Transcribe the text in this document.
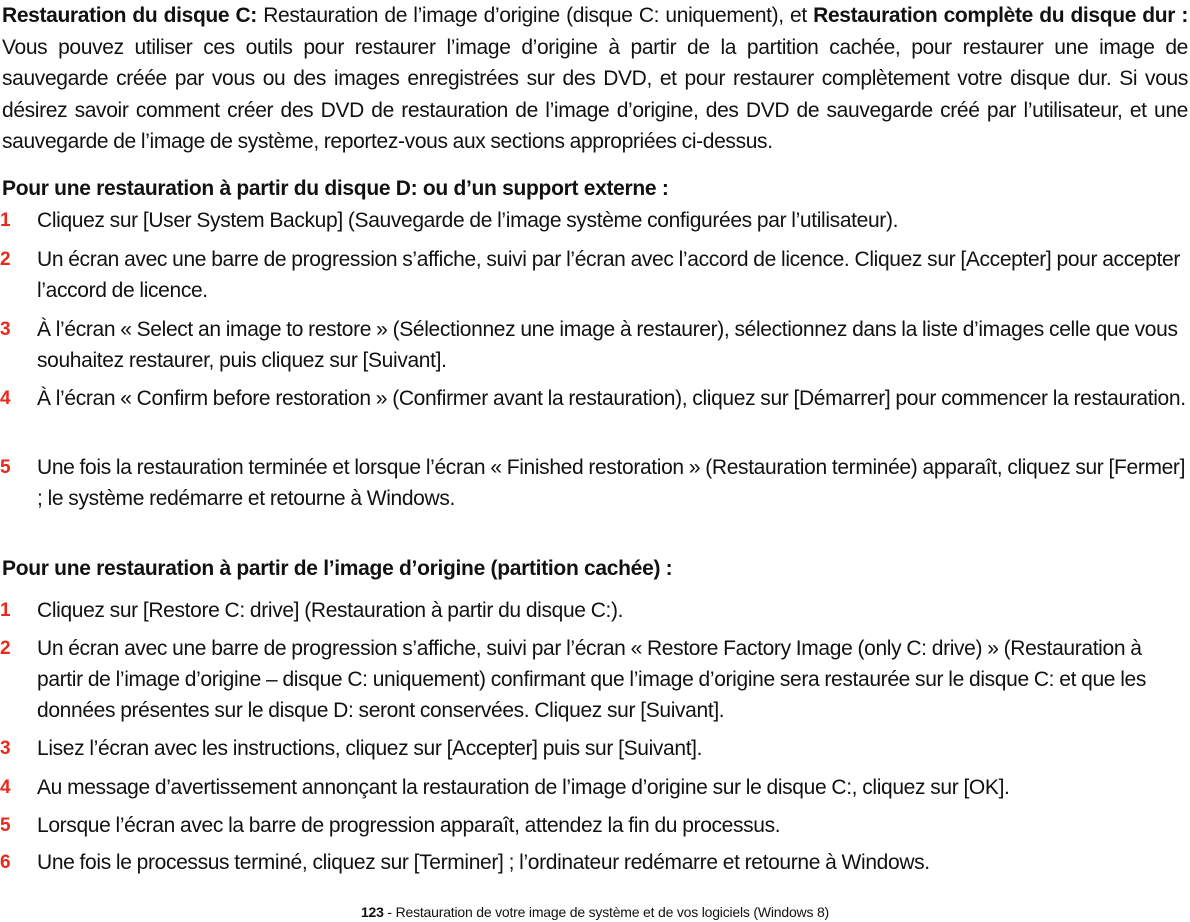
Restauration du disque C: Restauration de l’image d’origine (disque C: uniquement), et Restauration complète du disque dur : Vous pouvez utiliser ces outils pour restaurer l’image d’origine à partir de la partition cachée, pour restaurer une image de sauvegarde créée par vous ou des images enregistrées sur des DVD, et pour restaurer complètement votre disque dur. Si vous désirez savoir comment créer des DVD de restauration de l’image d’origine, des DVD de sauvegarde créé par l’utilisateur, et une sauvegarde de l’image de système, reportez-vous aux sections appropriées ci-dessus.

Pour une restauration à partir du disque D: ou d’un support externe :

1	Cliquez sur [User System Backup] (Sauvegarde de l’image système configurées par l’utilisateur).
2	Un écran avec une barre de progression s’affiche, suivi par l’écran avec l’accord de licence. Cliquez sur [Accepter] pour accepter l’accord de licence.
3	À l’écran « Select an image to restore » (Sélectionnez une image à restaurer), sélectionnez dans la liste d’images celle que vous souhaitez restaurer, puis cliquez sur [Suivant].
4	À l’écran « Confirm before restoration » (Confirmer avant la restauration), cliquez sur [Démarrer] pour commencer la restauration.
5	Une fois la restauration terminée et lorsque l’écran « Finished restoration » (Restauration terminée) apparaît, cliquez sur [Fermer] ; le système redémarre et retourne à Windows.

Pour une restauration à partir de l’image d’origine (partition cachée) :

1	Cliquez sur [Restore C: drive] (Restauration à partir du disque C:).
2	Un écran avec une barre de progression s’affiche, suivi par l’écran « Restore Factory Image (only C: drive) » (Restauration à partir de l’image d’origine – disque C: uniquement) confirmant que l’image d’origine sera restaurée sur le disque C: et que les données présentes sur le disque D: seront conservées. Cliquez sur [Suivant].
3	Lisez l’écran avec les instructions, cliquez sur [Accepter] puis sur [Suivant].
4	Au message d’avertissement annonçant la restauration de l’image d’origine sur le disque C:, cliquez sur [OK].
5	Lorsque l’écran avec la barre de progression apparaît, attendez la fin du processus.
6	Une fois le processus terminé, cliquez sur [Terminer] ; l’ordinateur redémarre et retourne à Windows.
123 - Restauration de votre image de système et de vos logiciels (Windows 8)
